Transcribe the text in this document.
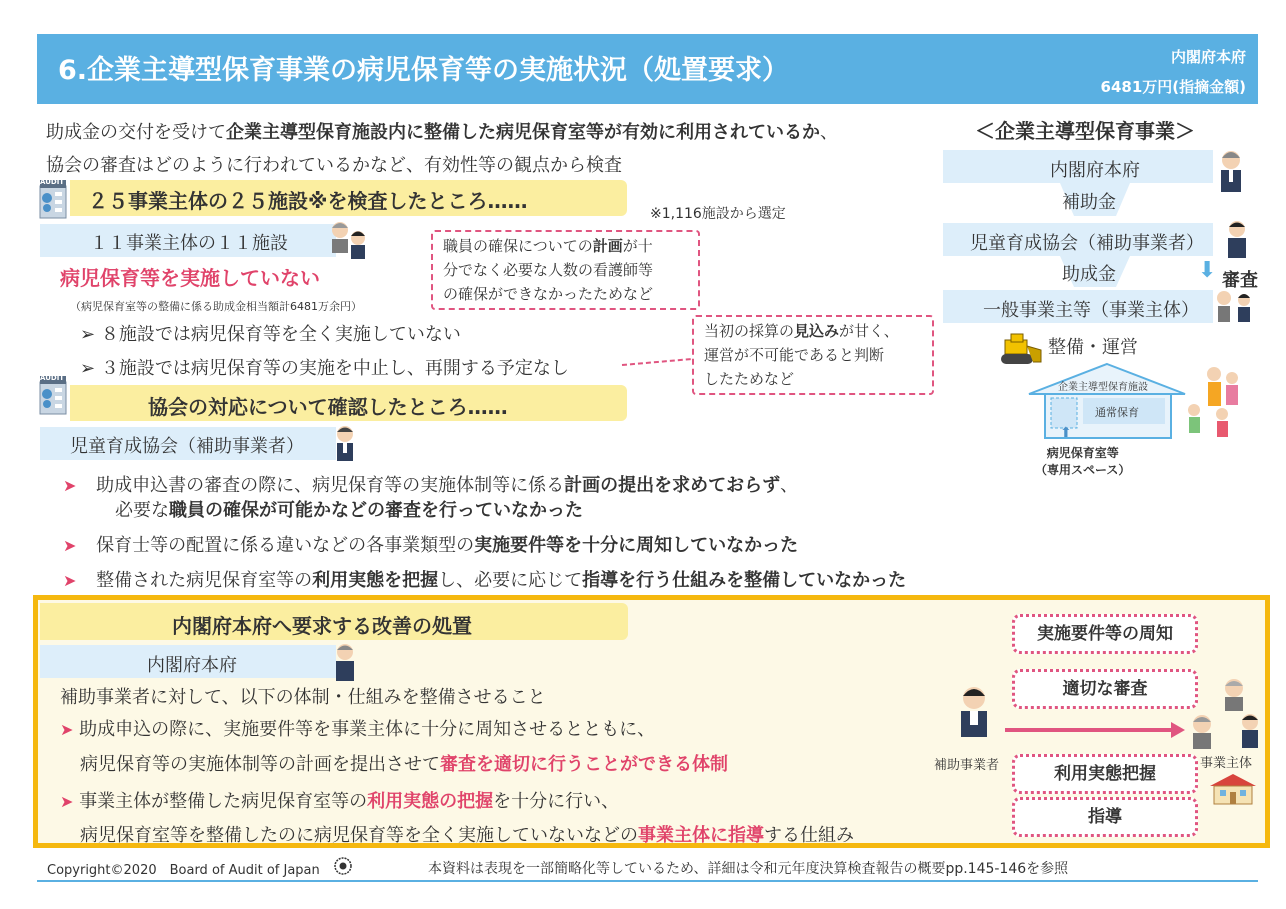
6.企業主導型保育事業の病児保育等の実施状況（処置要求）	内閣府本府
6481万円(指摘金額)
助成金の交付を受けて企業主導型保育施設内に整備した病児保育室等が有効に利用されているか、
協会の審査はどのように行われているかなど、有効性等の観点から検査
AUDIT
２５事業主体の２５施設※を検査したところ……
※1,116施設から選定
１１事業主体の１１施設
病児保育等を実施していない
（病児保育室等の整備に係る助成金相当額計6481万余円）
➢ ８施設では病児保育等を全く実施していない
➢ ３施設では病児保育等の実施を中止し、再開する予定なし
職員の確保についての計画が十
分でなく必要な人数の看護師等
の確保ができなかったためなど
当初の採算の見込みが甘く、
運営が不可能であると判断
したためなど
AUDIT
協会の対応について確認したところ……
児童育成協会（補助事業者）
➤ 助成申込書の審査の際に、病児保育等の実施体制等に係る計画の提出を求めておらず、
必要な職員の確保が可能かなどの審査を行っていなかった
➤ 保育士等の配置に係る違いなどの各事業類型の実施要件等を十分に周知していなかった
➤ 整備された病児保育室等の利用実態を把握し、必要に応じて指導を行う仕組みを整備していなかった
＜企業主導型保育事業＞
内閣府本府
補助金
児童育成協会（補助事業者）
助成金	⬇ 審査
一般事業主等（事業主体）
整備・運営
企業主導型保育施設
通常保育
⬆
病児保育室等
（専用スペース）
内閣府本府へ要求する改善の処置
内閣府本府
補助事業者に対して、以下の体制・仕組みを整備させること
➤ 助成申込の際に、実施要件等を事業主体に十分に周知させるとともに、
病児保育等の実施体制等の計画を提出させて審査を適切に行うことができる体制
➤ 事業主体が整備した病児保育室等の利用実態の把握を十分に行い、
病児保育室等を整備したのに病児保育等を全く実施していないなどの事業主体に指導する仕組み
実施要件等の周知
適切な審査
利用実態把握
指導
補助事業者	事業主体
Copyright©2020　Board of Audit of Japan	本資料は表現を一部簡略化等しているため、詳細は令和元年度決算検査報告の概要pp.145-146を参照
